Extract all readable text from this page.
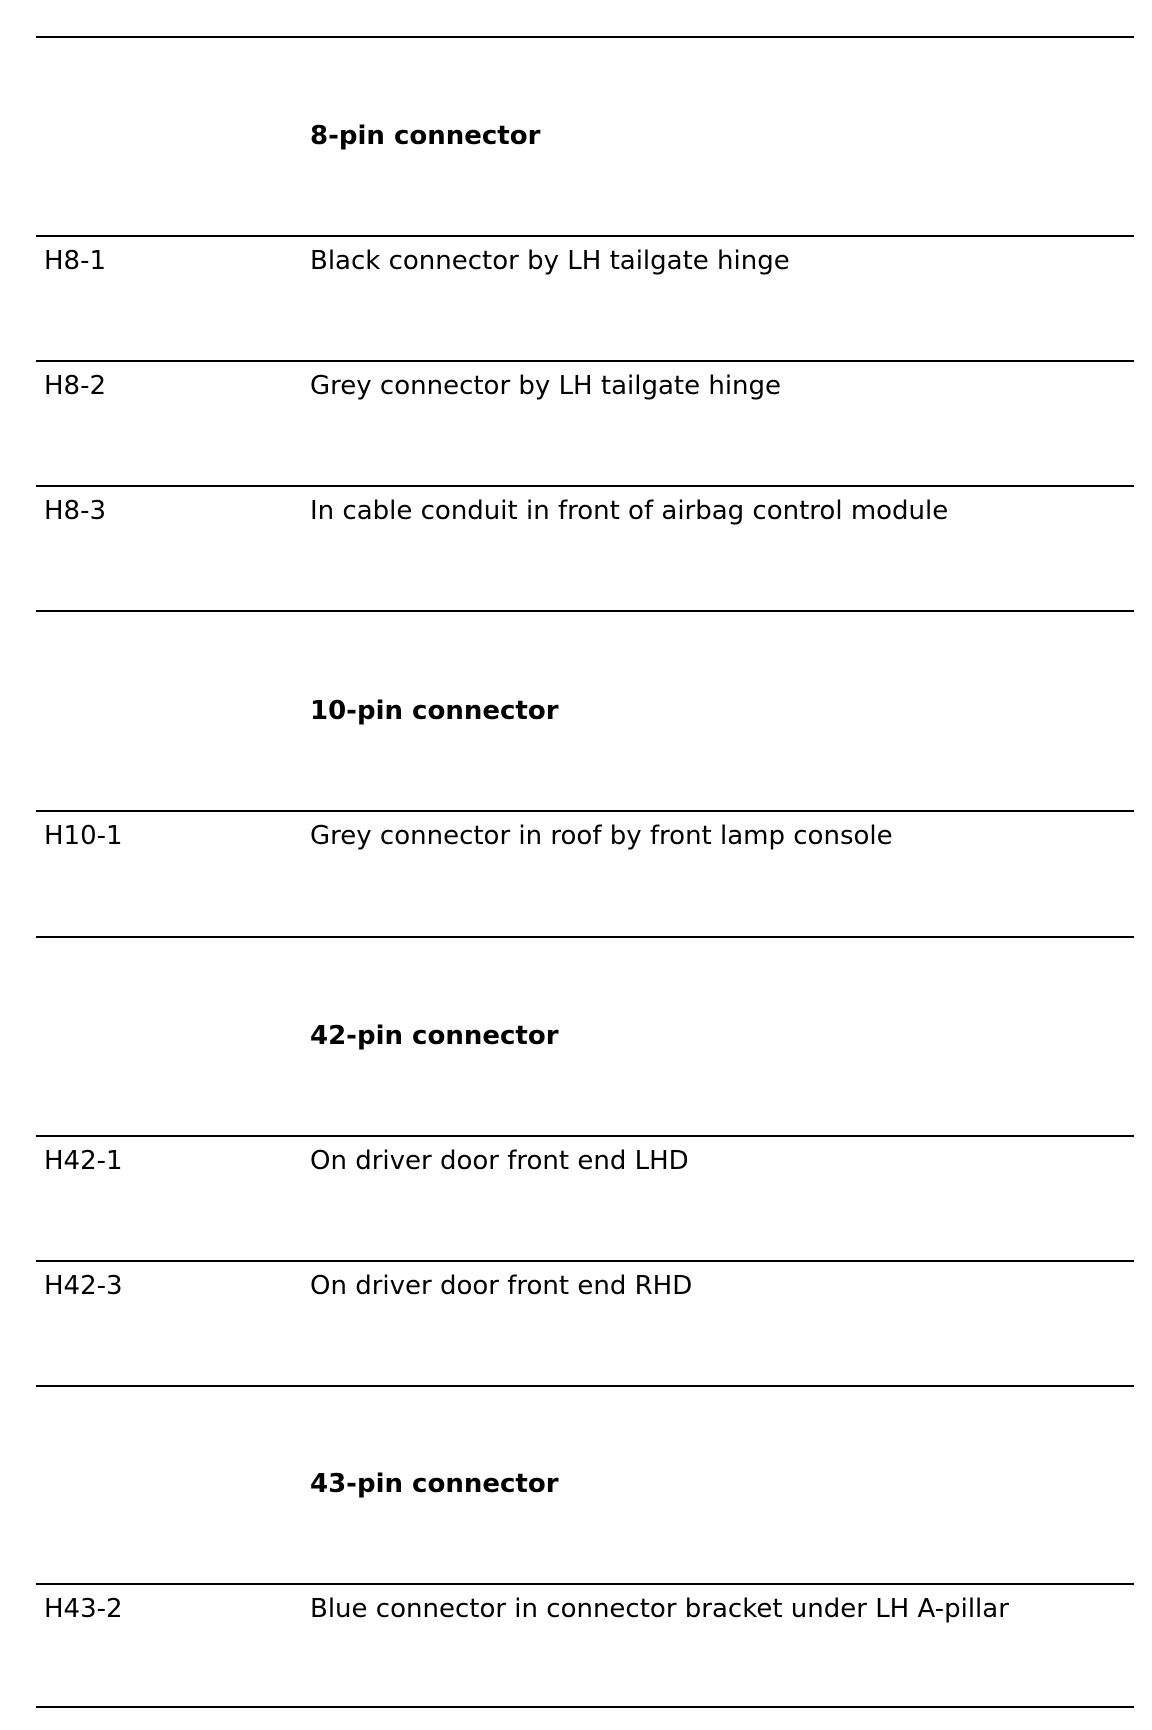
8-pin connector
H8-1	Black connector by LH tailgate hinge
H8-2	Grey connector by LH tailgate hinge
H8-3	In cable conduit in front of airbag control module
10-pin connector
H10-1	Grey connector in roof by front lamp console
42-pin connector
H42-1	On driver door front end LHD
H42-3	On driver door front end RHD
43-pin connector
H43-2	Blue connector in connector bracket under LH A-pillar
